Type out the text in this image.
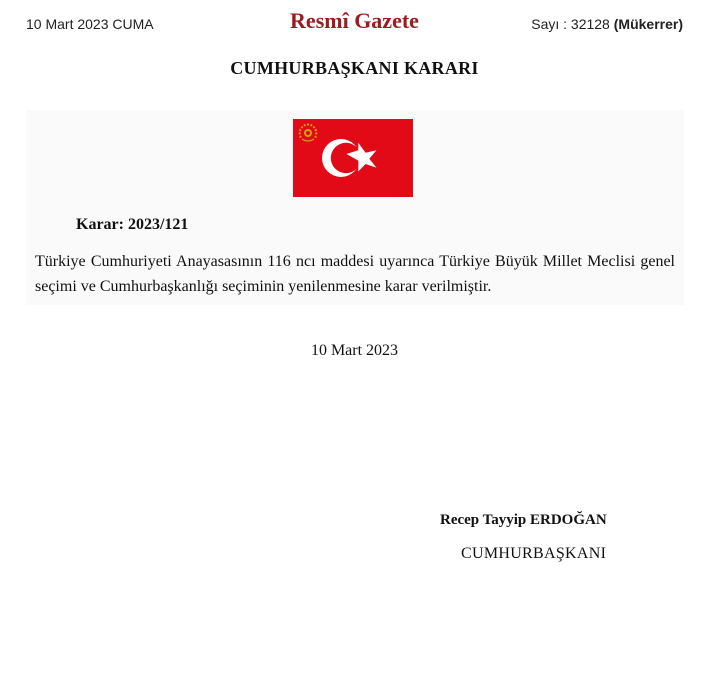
10 Mart 2023 CUMA	Resmî Gazete	Sayı : 32128 (Mükerrer)
CUMHURBAŞKANI KARARI
Karar: 2023/121
Türkiye Cumhuriyeti Anayasasının 116 ncı maddesi uyarınca Türkiye Büyük Millet Meclisi genel seçimi ve Cumhurbaşkanlığı seçiminin yenilenmesine karar verilmiştir.
10 Mart 2023
Recep Tayyip ERDOĞAN
CUMHURBAŞKANI
